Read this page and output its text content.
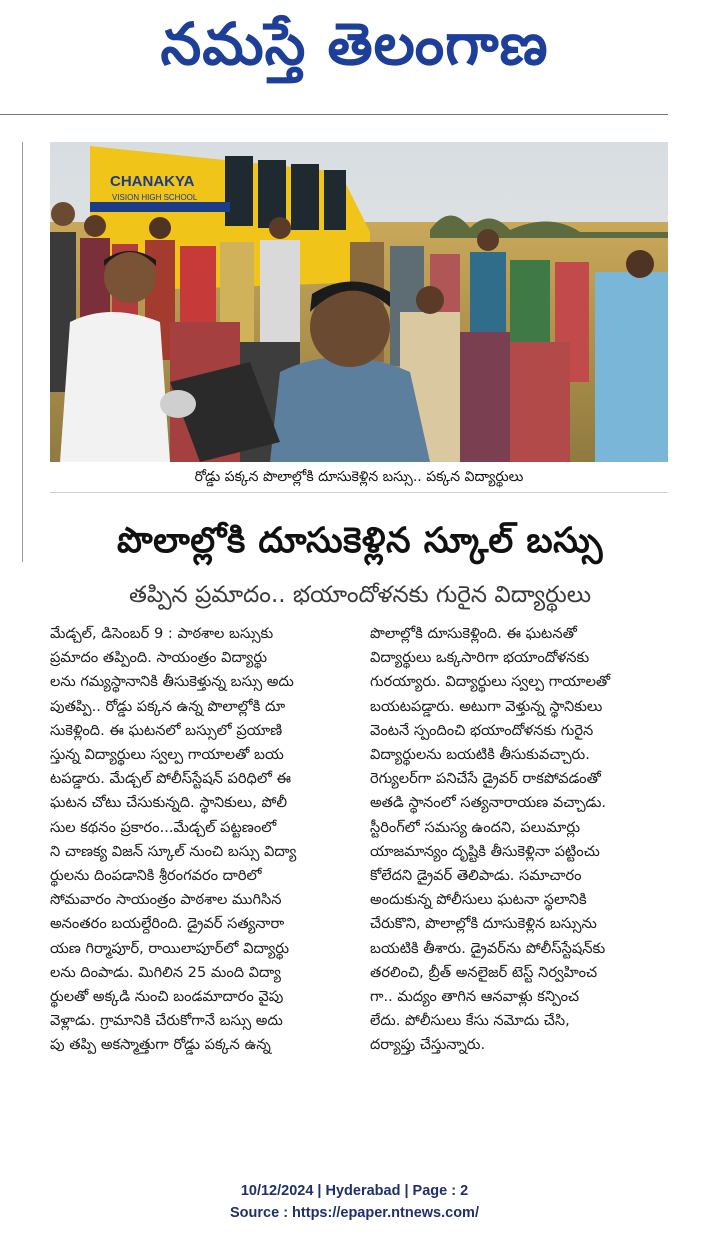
నమస్తే తెలంగాణ
CHANAKYA
VISION HIGH SCHOOL
రోడ్డు పక్కన పొలాల్లోకి దూసుకెళ్లిన బస్సు.. పక్కన విద్యార్థులు
పొలాల్లోకి దూసుకెళ్లిన స్కూల్ బస్సు
తప్పిన ప్రమాదం.. భయాందోళనకు గురైన విద్యార్థులు
మేడ్చల్, డిసెంబర్ 9 : పాఠశాల బస్సుకు
ప్రమాదం తప్పింది. సాయంత్రం విద్యార్థు
లను గమ్యస్థానానికి తీసుకెళ్తున్న బస్సు అదు
పుతప్పి.. రోడ్డు పక్కన ఉన్న పొలాల్లోకి దూ
సుకెళ్లింది. ఈ ఘటనలో బస్సులో ప్రయాణి
స్తున్న విద్యార్థులు స్వల్ప గాయాలతో బయ
టపడ్డారు. మేడ్చల్ పోలీస్‌స్టేషన్ పరిధిలో ఈ
ఘటన చోటు చేసుకున్నది. స్థానికులు, పోలీ
సుల కథనం ప్రకారం...మేడ్చల్ పట్టణంలో
ని చాణక్య విజన్ స్కూల్ నుంచి బస్సు విద్యా
ర్థులను దింపడానికి శ్రీరంగవరం దారిలో
సోమవారం సాయంత్రం పాఠశాల ముగిసిన
అనంతరం బయల్దేరింది. డ్రైవర్ సత్యనారా
యణ గిర్మాపూర్, రాయిలాపూర్‌లో విద్యార్థు
లను దింపాడు. మిగిలిన 25 మంది విద్యా
ర్థులతో అక్కడి నుంచి బండమాదారం వైపు
వెళ్లాడు. గ్రామానికి చేరుకోగానే బస్సు అదు
పు తప్పి అకస్మాత్తుగా రోడ్డు పక్కన ఉన్న
పొలాల్లోకి దూసుకెళ్లింది. ఈ ఘటనతో
విద్యార్థులు ఒక్కసారిగా భయాందోళనకు
గురయ్యారు. విద్యార్థులు స్వల్ప గాయాలతో
బయటపడ్డారు. అటుగా వెళ్తున్న స్థానికులు
వెంటనే స్పందించి భయాందోళనకు గురైన
విద్యార్థులను బయటికి తీసుకువచ్చారు.
రెగ్యులర్‌గా పనిచేసే డ్రైవర్ రాకపోవడంతో
అతడి స్థానంలో సత్యనారాయణ వచ్చాడు.
స్టీరింగ్‌లో సమస్య ఉందని, పలుమార్లు
యాజమాన్యం దృష్టికి తీసుకెళ్లినా పట్టించు
కోలేదని డ్రైవర్ తెలిపాడు. సమాచారం
అందుకున్న పోలీసులు ఘటనా స్థలానికి
చేరుకొని, పొలాల్లోకి దూసుకెళ్లిన బస్సును
బయటికి తీశారు. డ్రైవర్‌ను పోలీస్‌స్టేషన్‌కు
తరలించి, బ్రీత్ అనలైజర్ టెస్ట్ నిర్వహించ
గా.. మద్యం తాగిన ఆనవాళ్లు కన్పించ
లేదు. పోలీసులు కేసు నమోదు చేసి,
దర్యాప్తు చేస్తున్నారు.
10/12/2024 | Hyderabad | Page : 2
Source : https://epaper.ntnews.com/
